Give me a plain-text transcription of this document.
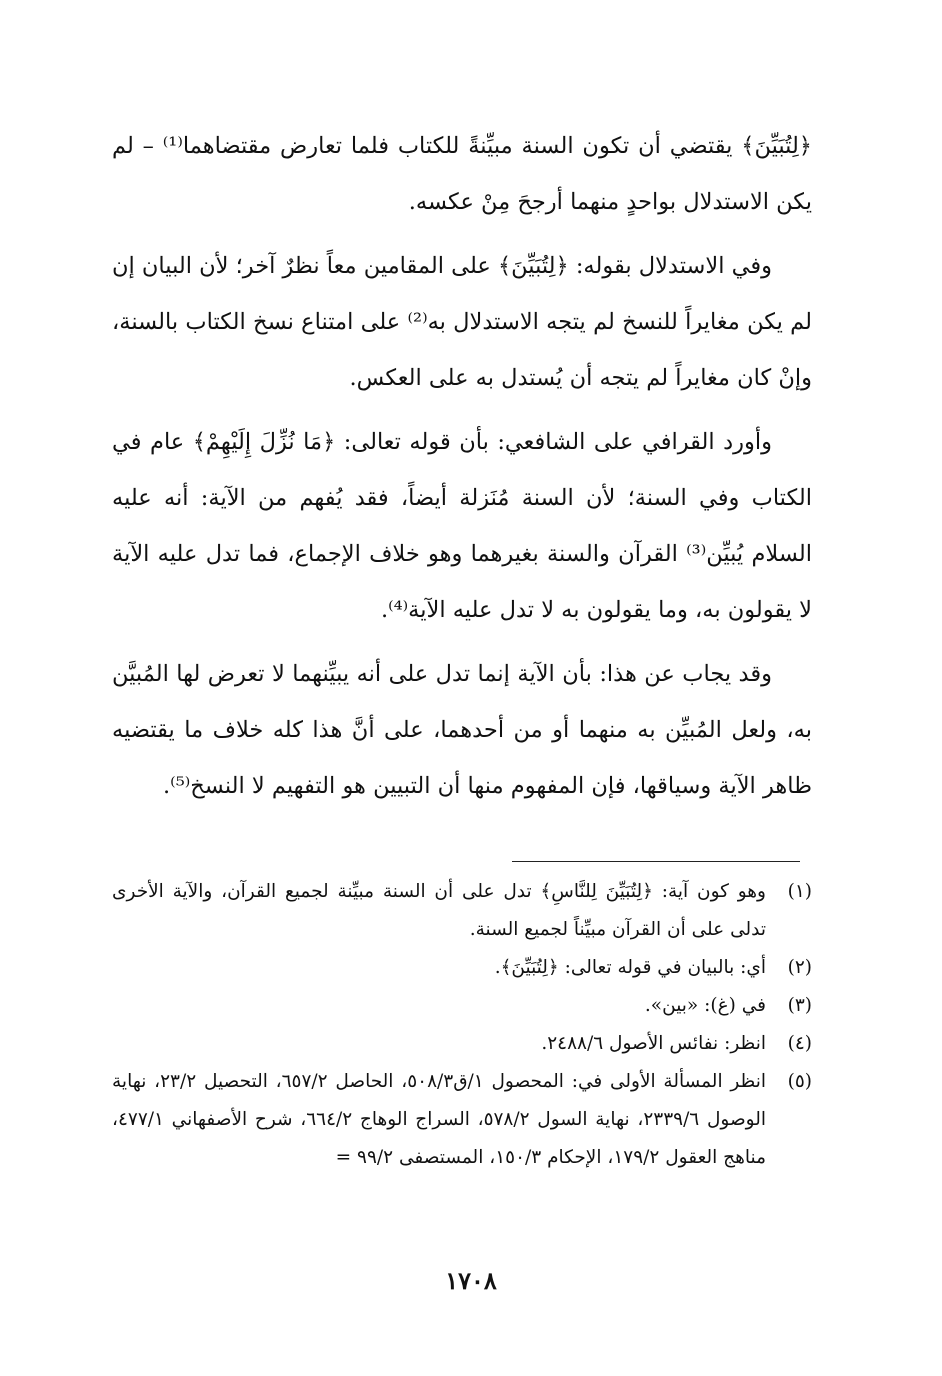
﴿لِتُبَيِّنَ﴾ يقتضي أن تكون السنة مبيِّنةً للكتاب فلما تعارض مقتضاهما⁽¹⁾ – لم يكن الاستدلال بواحدٍ منهما أرجحَ مِنْ عكسه.

وفي الاستدلال بقوله: ﴿لِتُبَيِّنَ﴾ على المقامين معاً نظرٌ آخر؛ لأن البيان إن لم يكن مغايراً للنسخ لم يتجه الاستدلال به⁽²⁾ على امتناع نسخ الكتاب بالسنة، وإنْ كان مغايراً لم يتجه أن يُستدل به على العكس.

وأورد القرافي على الشافعي: بأن قوله تعالى: ﴿مَا نُزِّلَ إِلَيْهِمْ﴾ عام في الكتاب وفي السنة؛ لأن السنة مُنَزلة أيضاً، فقد يُفهم من الآية: أنه عليه السلام يُبيِّن⁽³⁾ القرآن والسنة بغيرهما وهو خلاف الإجماع، فما تدل عليه الآية لا يقولون به، وما يقولون به لا تدل عليه الآية⁽⁴⁾.

وقد يجاب عن هذا: بأن الآية إنما تدل على أنه يبيِّنهما لا تعرض لها المُبيَّن به، ولعل المُبيِّن به منهما أو من أحدهما، على أنَّ هذا كله خلاف ما يقتضيه ظاهر الآية وسياقها، فإن المفهوم منها أن التبيين هو التفهيم لا النسخ⁽⁵⁾.

(١)
وهو كون آية: ﴿لِتُبَيِّنَ لِلنَّاسِ﴾ تدل على أن السنة مبيِّنة لجميع القرآن، والآية الأخرى تدلى على أن القرآن مبيِّناً لجميع السنة.

(٢)
أي: بالبيان في قوله تعالى: ﴿لِتُبَيِّنَ﴾.

(٣)
في (غ): «بين».

(٤)
انظر: نفائس الأصول ٢٤٨٨/٦.

(٥)
انظر المسألة الأولى في: المحصول ١/ق٥٠٨/٣، الحاصل ٦٥٧/٢، التحصيل ٢٣/٢، نهاية الوصول ٢٣٣٩/٦، نهاية السول ٥٧٨/٢، السراج الوهاج ٦٦٤/٢، شرح الأصفهاني ٤٧٧/١، مناهج العقول ١٧٩/٢، الإحكام ١٥٠/٣، المستصفى ٩٩/٢ =

١٧٠٨
